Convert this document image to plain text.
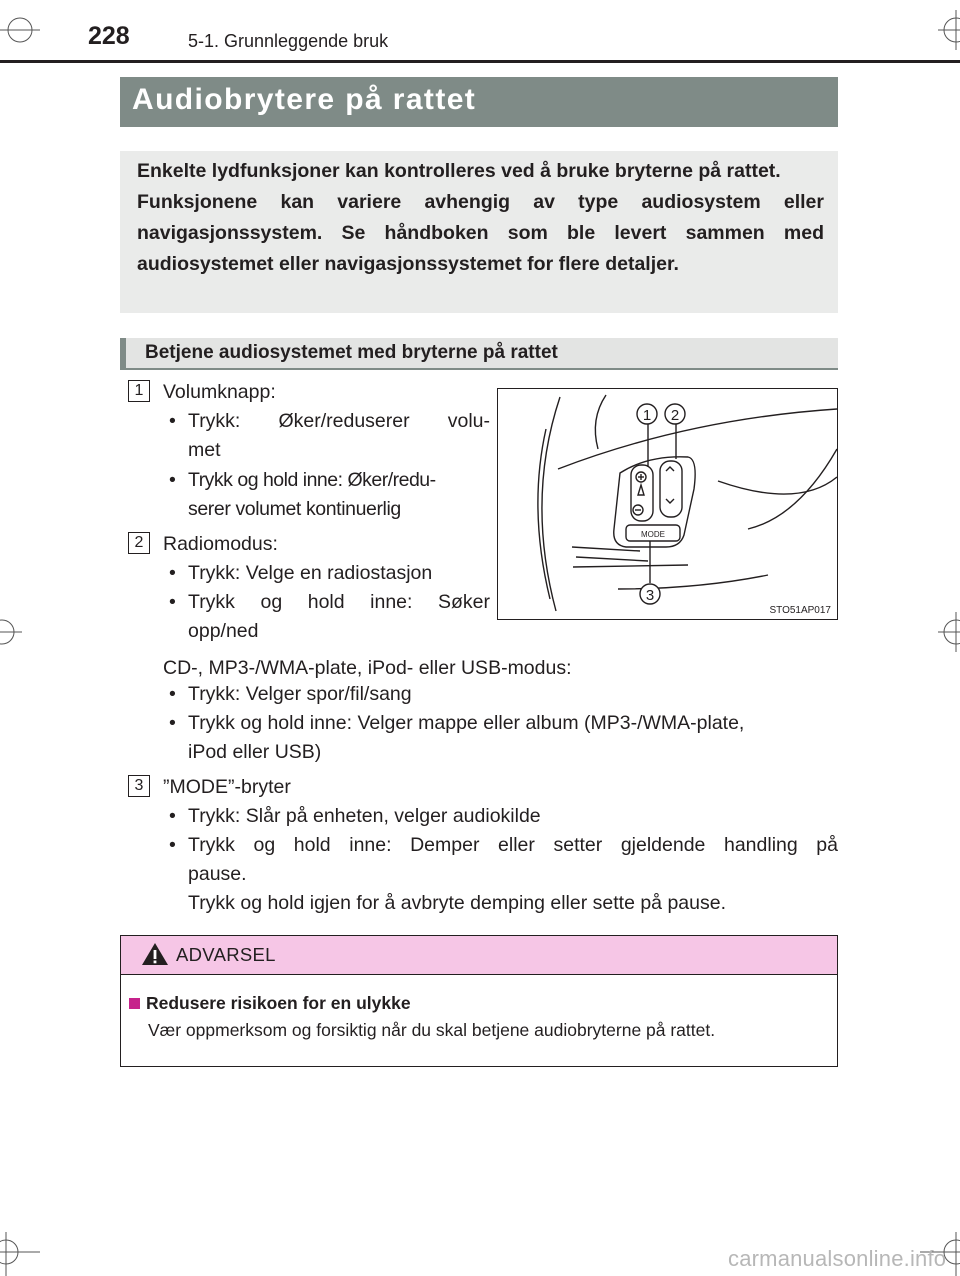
228	5-1. Grunnleggende bruk
Audiobrytere på rattet

Enkelte lydfunksjoner kan kontrolleres ved å bruke bryterne på rattet.

Funksjonene kan variere avhengig av type audiosystem eller navigasjonssystem. Se håndboken som ble levert sammen med audiosystemet eller navigasjonssystemet for flere detaljer.

Betjene audiosystemet med bryterne på rattet
1	Volumknapp:
• Trykk: Øker/reduserer volu-
met
• Trykk og hold inne: Øker/redu-
serer volumet kontinuerlig
2	Radiomodus:
• Trykk: Velge en radiostasjon
• Trykk og hold inne: Søker
opp/ned
CD-, MP3-/WMA-plate, iPod- eller USB-modus:
• Trykk: Velger spor/fil/sang
• Trykk og hold inne: Velger mappe eller album (MP3-/WMA-plate,
iPod eller USB)
3	”MODE”-bryter
• Trykk: Slår på enheten, velger audiokilde
• Trykk og hold inne: Demper eller setter gjeldende handling på
pause.
Trykk og hold igjen for å avbryte demping eller sette på pause.
1 2
3
MODE
STO51AP017
ADVARSEL
Redusere risikoen for en ulykke
Vær oppmerksom og forsiktig når du skal betjene audiobryterne på rattet.
carmanualsonline.info
